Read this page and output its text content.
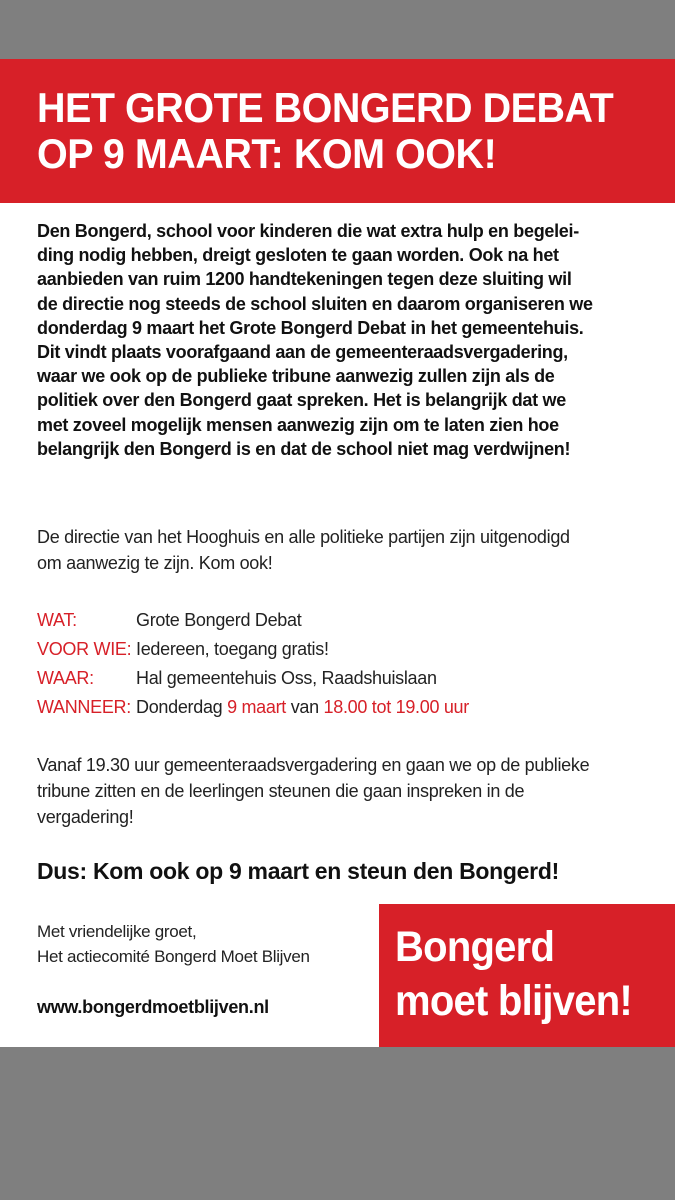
HET GROTE BONGERD DEBAT
OP 9 MAART: KOM OOK!

Den Bongerd, school voor kinderen die wat extra hulp en begelei-
ding nodig hebben, dreigt gesloten te gaan worden. Ook na het
aanbieden van ruim 1200 handtekeningen tegen deze sluiting wil
de directie nog steeds de school sluiten en daarom organiseren we
donderdag 9 maart het Grote Bongerd Debat in het gemeentehuis.
Dit vindt plaats voorafgaand aan de gemeenteraadsvergadering,
waar we ook op de publieke tribune aanwezig zullen zijn als de
politiek over den Bongerd gaat spreken. Het is belangrijk dat we
met zoveel mogelijk mensen aanwezig zijn om te laten zien hoe
belangrijk den Bongerd is en dat de school niet mag verdwijnen!

De directie van het Hooghuis en alle politieke partijen zijn uitgenodigd
om aanwezig te zijn. Kom ook!

WAT:	Grote Bongerd Debat
VOOR WIE: Iedereen, toegang gratis!
WAAR: Hal gemeentehuis Oss, Raadshuislaan
WANNEER: Donderdag 9 maart van 18.00 tot 19.00 uur

Vanaf 19.30 uur gemeenteraadsvergadering en gaan we op de publieke
tribune zitten en de leerlingen steunen die gaan inspreken in de
vergadering!

Dus: Kom ook op 9 maart en steun den Bongerd!

Met vriendelijke groet,
Het actiecomité Bongerd Moet Blijven

www.bongerdmoetblijven.nl

Bongerd
moet blijven!
